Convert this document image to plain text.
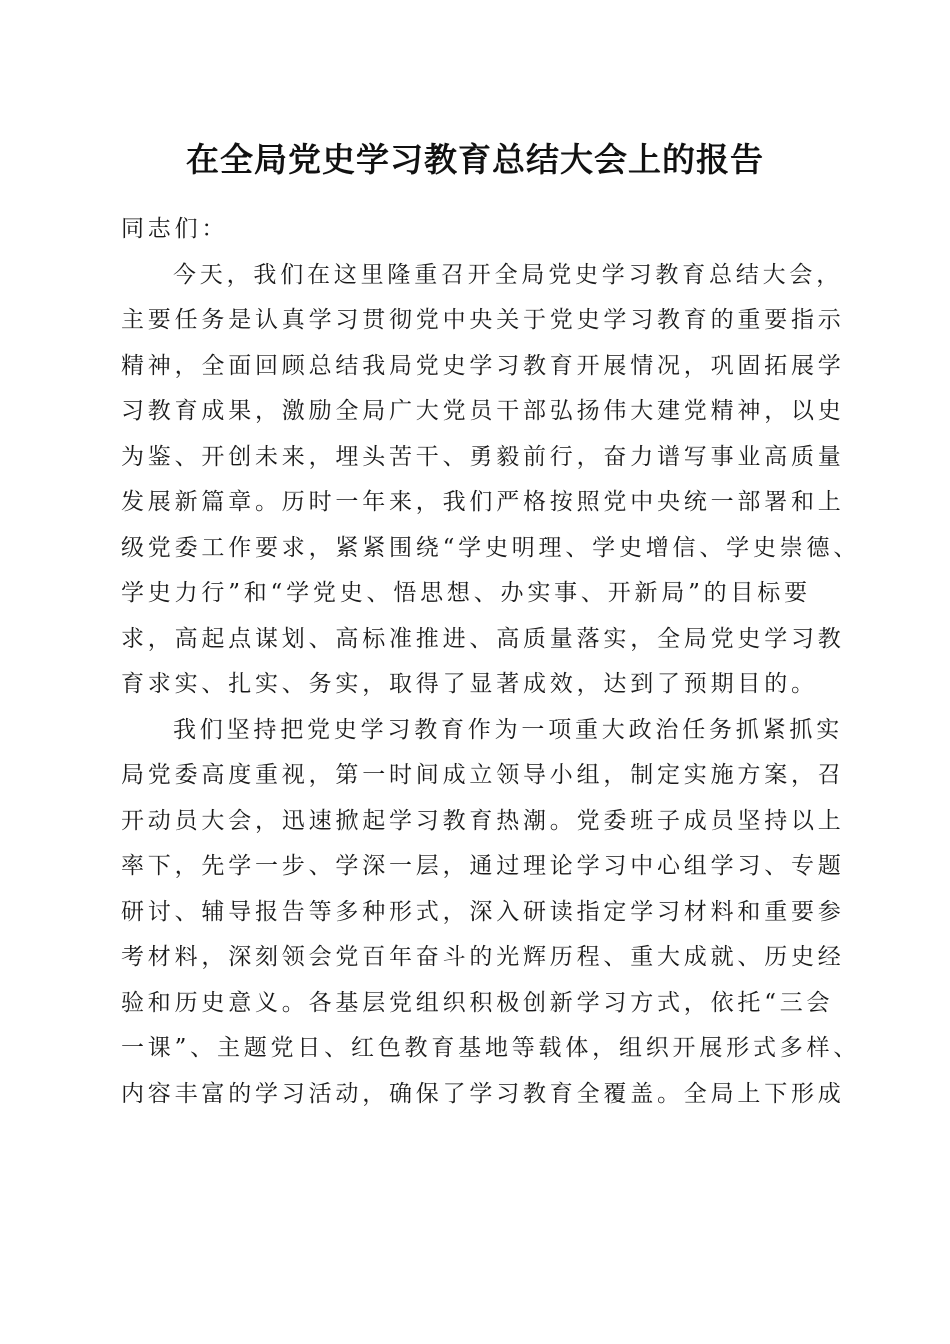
在全局党史学习教育总结大会上的报告
同志们：
今天，我们在这里隆重召开全局党史学习教育总结大会，
主要任务是认真学习贯彻党中央关于党史学习教育的重要指示
精神，全面回顾总结我局党史学习教育开展情况，巩固拓展学
习教育成果，激励全局广大党员干部弘扬伟大建党精神，以史
为鉴、开创未来，埋头苦干、勇毅前行，奋力谱写事业高质量
发展新篇章。历时一年来，我们严格按照党中央统一部署和上
级党委工作要求，紧紧围绕“学史明理、学史增信、学史崇德、
学史力行”和“学党史、悟思想、办实事、开新局”的目标要
求，高起点谋划、高标准推进、高质量落实，全局党史学习教
育求实、扎实、务实，取得了显著成效，达到了预期目的。
我们坚持把党史学习教育作为一项重大政治任务抓紧抓实
局党委高度重视，第一时间成立领导小组，制定实施方案，召
开动员大会，迅速掀起学习教育热潮。党委班子成员坚持以上
率下，先学一步、学深一层，通过理论学习中心组学习、专题
研讨、辅导报告等多种形式，深入研读指定学习材料和重要参
考材料，深刻领会党百年奋斗的光辉历程、重大成就、历史经
验和历史意义。各基层党组织积极创新学习方式，依托“三会
一课”、主题党日、红色教育基地等载体，组织开展形式多样、
内容丰富的学习活动，确保了学习教育全覆盖。全局上下形成
